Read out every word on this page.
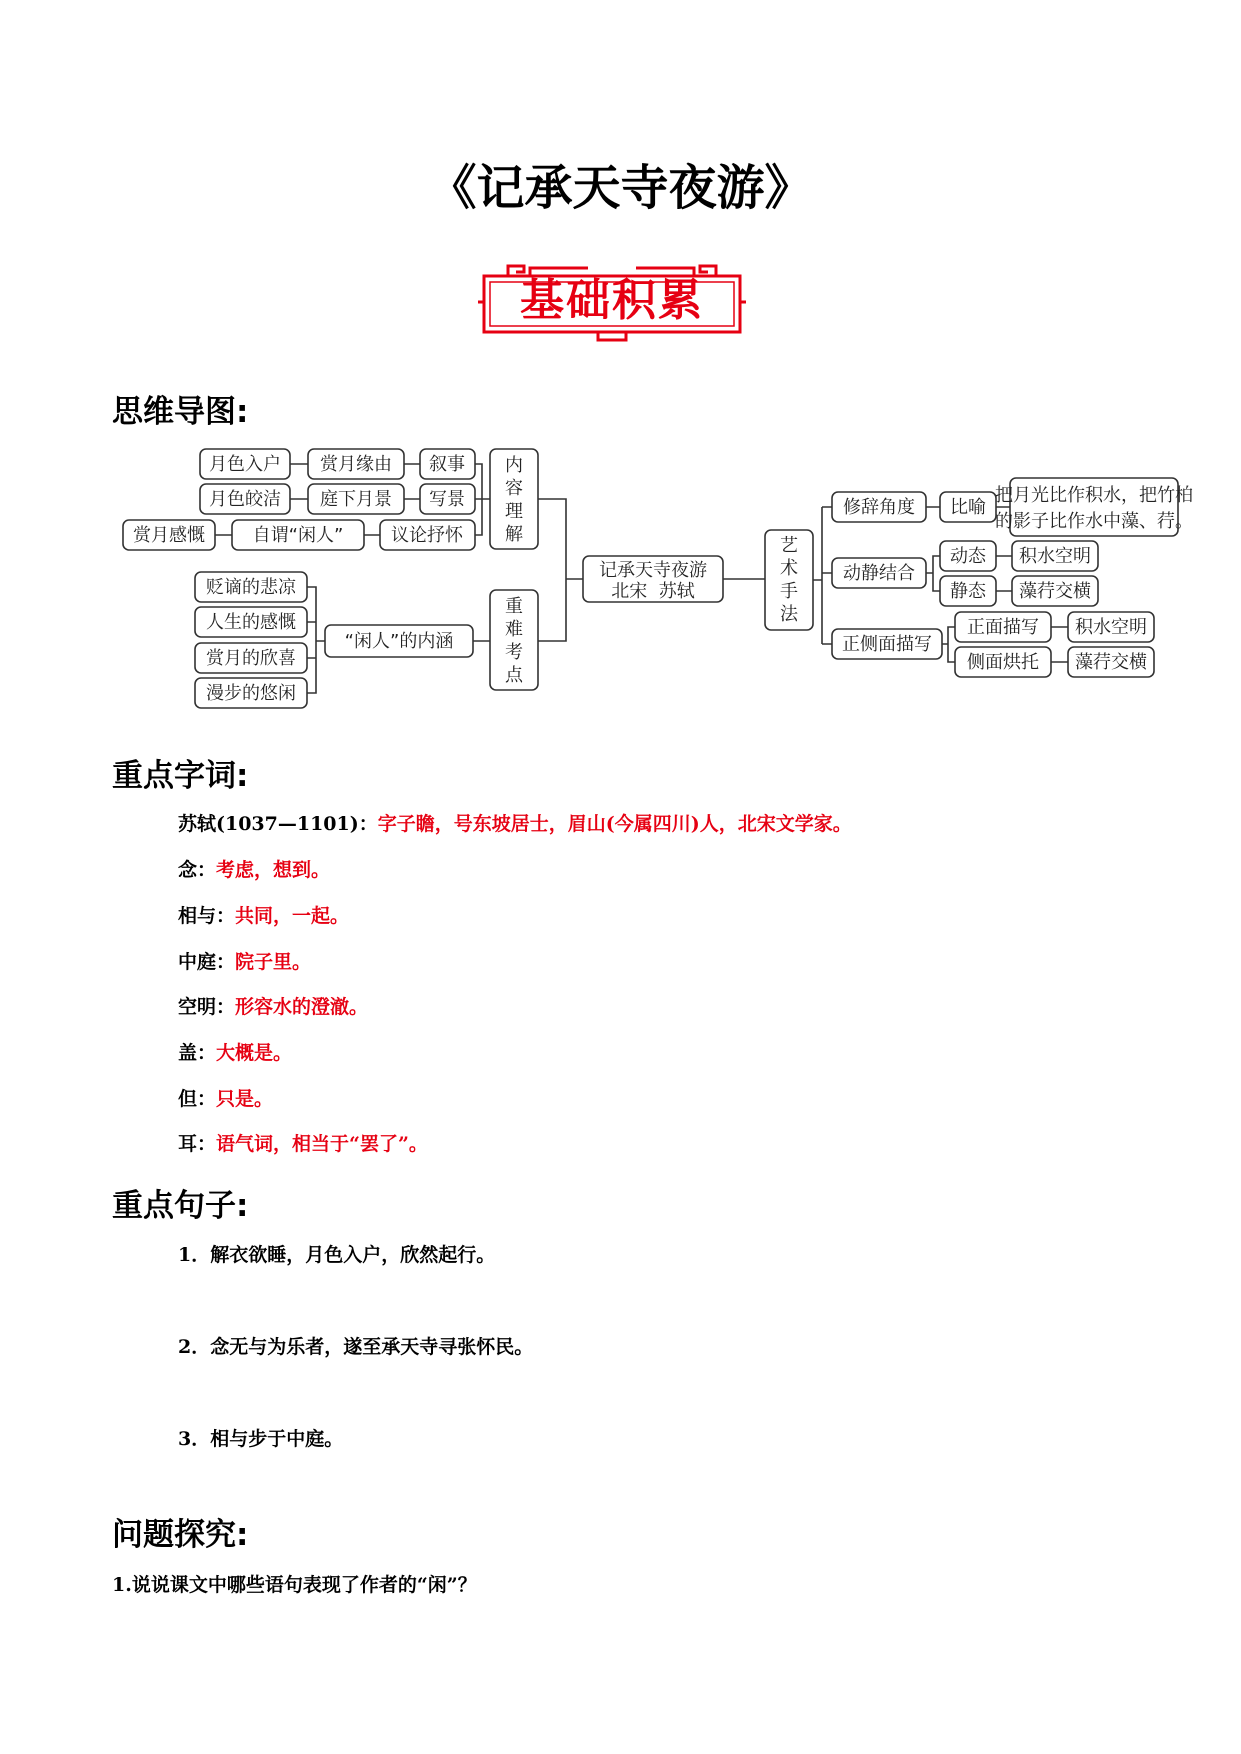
《记承天寺夜游》
基础积累
思维导图:
月色入户 赏月缘由 叙事
月色皎洁 庭下月景 写景
赏月感慨	自谓“闲人”	议论抒怀
内
容
理
解
贬谪的悲凉
人生的感慨
赏月的欣喜
漫步的悠闲
“闲人”的内涵
重
难
考
点
记承天寺夜游
北宋  苏轼
艺
术
手
法
修辞角度 比喻
把月光比作积水，把竹柏
的影子比作水中藻、荇。
动静结合
动态
静态
积水空明
藻荇交横
正侧面描写
正面描写
侧面烘托
积水空明
藻荇交横
重点字词:
苏轼(1037—1101)：字子瞻，号东坡居士，眉山(今属四川)人，北宋文学家。
念：考虑，想到。
相与：共同，一起。
中庭：院子里。
空明：形容水的澄澈。
盖：大概是。
但：只是。
耳：语气词，相当于“罢了”。
重点句子:
1．解衣欲睡，月色入户，欣然起行。
2．念无与为乐者，遂至承天寺寻张怀民。
3．相与步于中庭。
问题探究:
1.说说课文中哪些语句表现了作者的“闲”？
